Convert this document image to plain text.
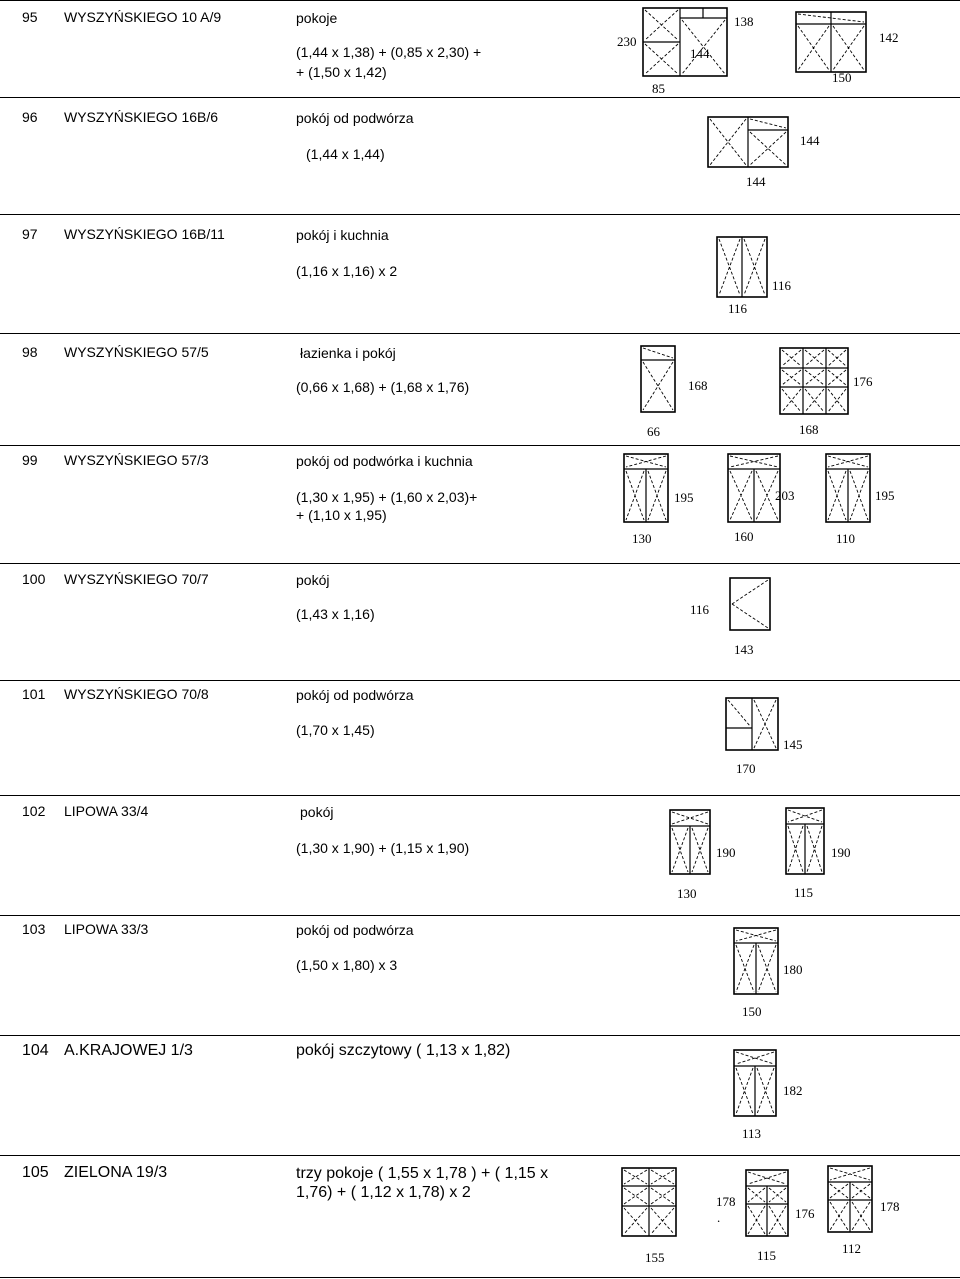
95 WYSZYŃSKIEGO 10 A/9	pokoje
(1,44 x 1,38) + (0,85 x 2,30) +
+ (1,50 x 1,42)
96 WYSZYŃSKIEGO 16B/6	pokój od podwórza
(1,44 x 1,44)
97 WYSZYŃSKIEGO 16B/11	pokój i kuchnia
(1,16 x 1,16) x 2
98 WYSZYŃSKIEGO 57/5	łazienka i pokój
(0,66 x 1,68) + (1,68 x 1,76)
99 WYSZYŃSKIEGO 57/3	pokój od podwórka i kuchnia
(1,30 x 1,95) + (1,60 x 2,03)+
+ (1,10 x 1,95)
100 WYSZYŃSKIEGO 70/7	pokój
(1,43 x 1,16)
101 WYSZYŃSKIEGO 70/8	pokój od podwórza
(1,70 x 1,45)
102 LIPOWA 33/4	pokój
(1,30 x 1,90) + (1,15 x 1,90)
103 LIPOWA 33/3	pokój od podwórza
(1,50 x 1,80) x 3
104 A.KRAJOWEJ 1/3	pokój szczytowy ( 1,13 x 1,82)
105 ZIELONA 19/3	trzy pokoje ( 1,55 x 1,78 ) + ( 1,15 x
1,76) + ( 1,12 x 1,78) x 2
230
144
85
138
142
150
144
144
116
116
168
66
176
168
195
130
203
160
195
110
116
143
145
170
190
130
190
115
180
150
182
113
178
.
155
176
115
178
112
